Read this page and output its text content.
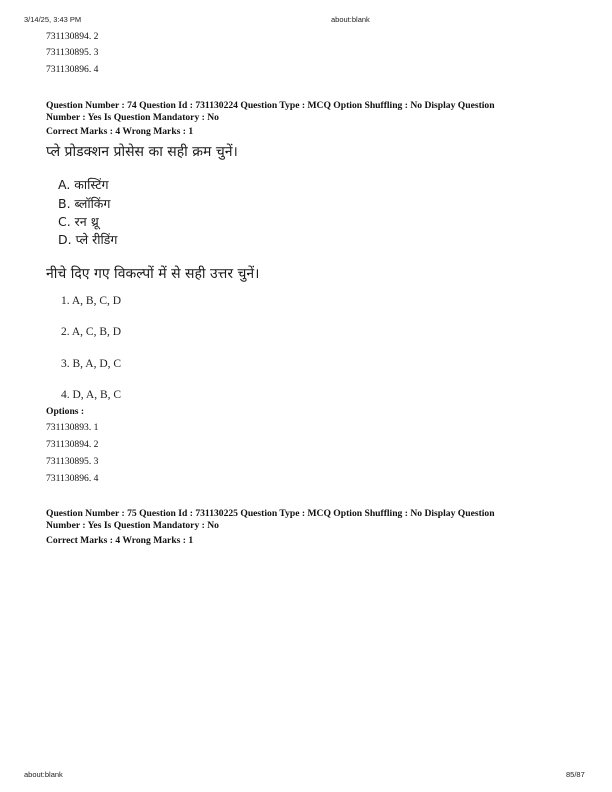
3/14/25, 3:43 PM	about:blank
731130894. 2
731130895. 3
731130896. 4
Question Number : 74 Question Id : 731130224 Question Type : MCQ Option Shuffling : No Display Question
Number : Yes Is Question Mandatory : No
Correct Marks : 4 Wrong Marks : 1
प्ले प्रोडक्शन प्रोसेस का सही क्रम चुनें।
A. कास्टिंग
B. ब्लॉकिंग
C. रन थ्रू
D. प्ले रीडिंग
नीचे दिए गए विकल्पों में से सही उत्तर चुनें।
1. A, B, C, D
2. A, C, B, D
3. B, A, D, C
4. D, A, B, C
Options :
731130893. 1
731130894. 2
731130895. 3
731130896. 4
Question Number : 75 Question Id : 731130225 Question Type : MCQ Option Shuffling : No Display Question
Number : Yes Is Question Mandatory : No
Correct Marks : 4 Wrong Marks : 1
about:blank	85/87
